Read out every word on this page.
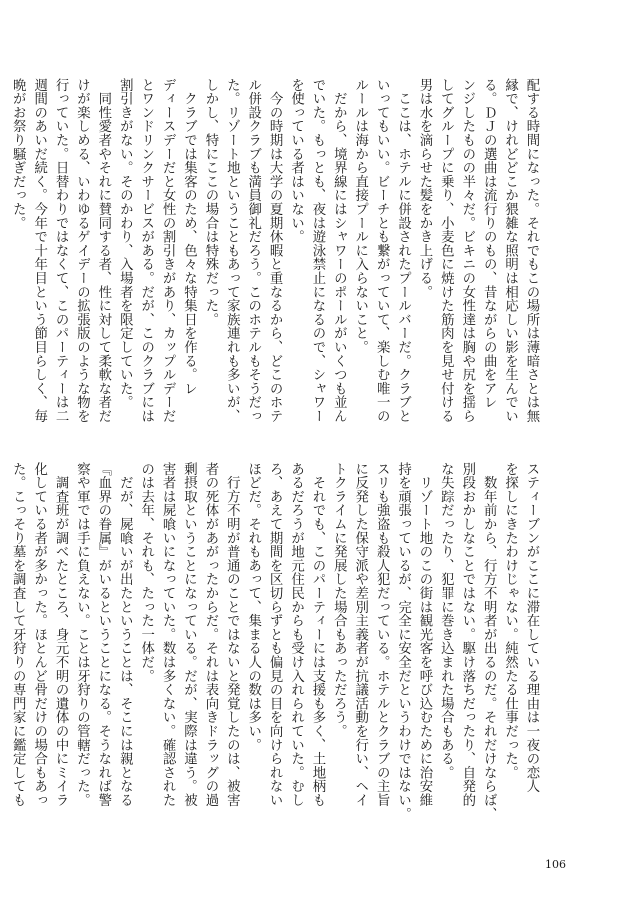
配する時間になった。それでもこの場所は薄暗さとは無

縁で、けれどどこか猥雑な照明は相応しい影を生んでい

る。ＤＪの選曲は流行りのもの、昔ながらの曲をアレ

ンジしたものの半々だ。ビキニの女性達は胸や尻を揺ら

してグループに乗り、小麦色に焼けた筋肉を見せ付ける

男は水を滴らせた髪をかき上げる。

　ここは、ホテルに併設されたプールバーだ。クラブと

いってもいい。ビーチとも繋がっていて、楽しむ唯一の

ルールは海から直接プールに入らないこと。

　だから、境界線にはシャワーのポールがいくつも並ん

でいた。もっとも、夜は遊泳禁止になるので、シャワー

を使っている者はいない。

　今の時期は大学の夏期休暇と重なるから、どこのホテ

ル併設クラブも満員御礼だろう。このホテルもそうだっ

た。リゾート地ということもあって家族連れも多いが、

しかし、特にここの場合は特殊だった。

　クラブでは集客のため、色々な特集日を作る。レ

ディースデーだと女性の割引きがあり、カップルデーだ

とワンドリンクサービスがある。だが、このクラブには

割引きがない。そのかわり、入場者を限定していた。

　同性愛者やそれに賛同する者、性に対して柔軟な者だ

けが楽しめる、いわゆるゲイデーの拡張版のような物を

行っていた。日替わりではなくて、このパーティーは二

週間のあいだ続く。今年で十年目という節目らしく、毎

晩がお祭り騒ぎだった。

スティーブンがここに滞在している理由は一夜の恋人

を探しにきたわけじゃない。純然たる仕事だった。

　数年前から、行方不明者が出るのだ。それだけならば、

別段おかしなことではない。駆け落ちだったり、自発的

な失踪だったり、犯罪に巻き込まれた場合もある。

　リゾート地のこの街は観光客を呼び込むために治安維

持を頑張っているが、完全に安全だというわけではない。

スリも強盗も殺人犯だっている。ホテルとクラブの主旨

に反発した保守派や差別主義者が抗議活動を行い、ヘイ

トクライムに発展した場合もあっただろう。

　それでも、このパーティーには支援も多く、土地柄も

あるだろうが地元住民からも受け入れられていた。むし

ろ、あえて期間を区切らずとも偏見の目を向けられない

ほどだ。それもあって、集まる人の数は多い。

　行方不明が普通のことではないと発覚したのは、被害

者の死体があがったからだ。それは表向きドラッグの過

剰摂取ということになっている。だが、実際は違う。被

害者は屍喰いになっていた。数は多くない。確認された

のは去年、それも、たった一体だ。

　だが、屍喰いが出たということは、そこには親となる

『血界の眷属』がいるということになる。そうなれば警

察や軍では手に負えない。ことは牙狩りの管轄だった。

　調査班が調べたところ、身元不明の遺体の中にミイラ

化している者が多かった。ほとんど骨だけの場合もあっ

た。こっそり墓を調査して牙狩りの専門家に鑑定しても

106
